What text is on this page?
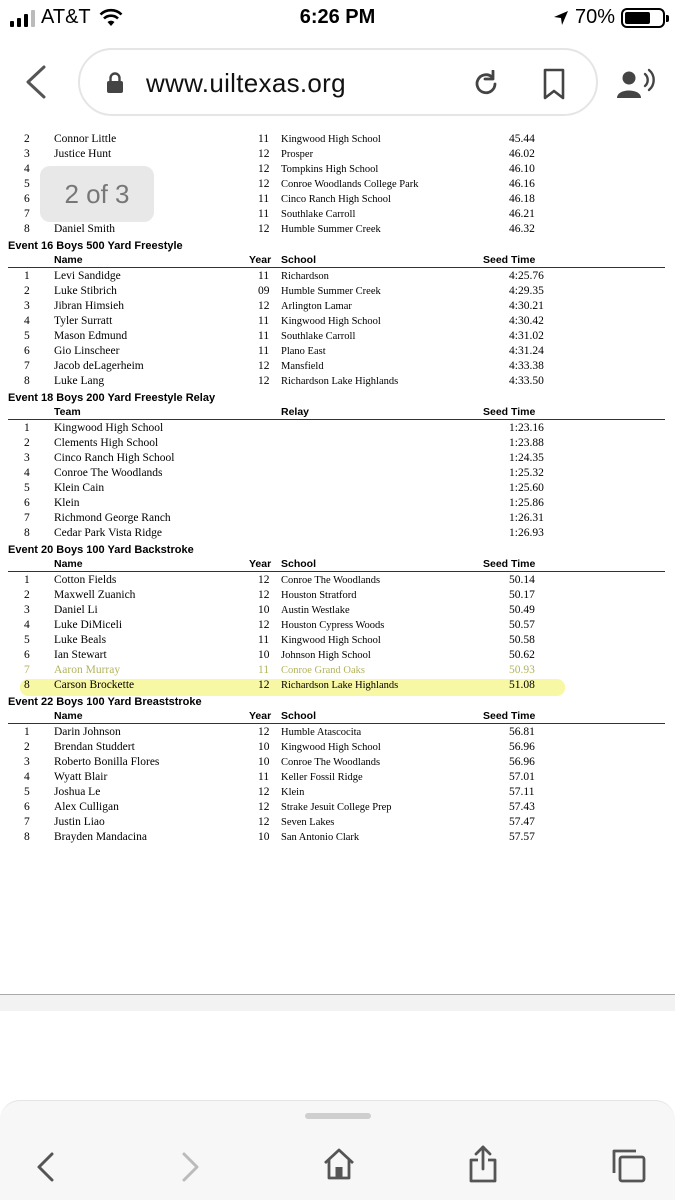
AT&T	6:26 PM	70%
www.uiltexas.org
2 Connor Little	11 Kingwood High School	45.44
3 Justice Hunt	12 Prosper	46.02
4	12 Tompkins High School	46.10
5	12 Conroe Woodlands College Park	46.16
6	11 Cinco Ranch High School	46.18
7	11 Southlake Carroll	46.21
8 Daniel Smith	12 Humble Summer Creek	46.32
Event 16 Boys 500 Yard Freestyle
Name	Year School	Seed Time
1 Levi Sandidge	11 Richardson	4:25.76
2 Luke Stibrich	09 Humble Summer Creek	4:29.35
3 Jibran Himsieh	12 Arlington Lamar	4:30.21
4 Tyler Surratt	11 Kingwood High School	4:30.42
5 Mason Edmund	11 Southlake Carroll	4:31.02
6 Gio Linscheer	11 Plano East	4:31.24
7 Jacob deLagerheim	12 Mansfield	4:33.38
8 Luke Lang	12 Richardson Lake Highlands	4:33.50
Event 18 Boys 200 Yard Freestyle Relay
Team	Relay	Seed Time
1 Kingwood High School	1:23.16
2 Clements High School	1:23.88
3 Cinco Ranch High School	1:24.35
4 Conroe The Woodlands	1:25.32
5 Klein Cain	1:25.60
6 Klein	1:25.86
7 Richmond George Ranch	1:26.31
8 Cedar Park Vista Ridge	1:26.93
Event 20 Boys 100 Yard Backstroke
Name	Year School	Seed Time
1 Cotton Fields	12 Conroe The Woodlands	50.14
2 Maxwell Zuanich	12 Houston Stratford	50.17
3 Daniel Li	10 Austin Westlake	50.49
4 Luke DiMiceli	12 Houston Cypress Woods	50.57
5 Luke Beals	11 Kingwood High School	50.58
6 Ian Stewart	10 Johnson High School	50.62
7 Aaron Murray	11 Conroe Grand Oaks	50.93
8 Carson Brockette	12 Richardson Lake Highlands	51.08
Event 22 Boys 100 Yard Breaststroke
Name	Year School	Seed Time
1 Darin Johnson	12 Humble Atascocita	56.81
2 Brendan Studdert	10 Kingwood High School	56.96
3 Roberto Bonilla Flores	10 Conroe The Woodlands	56.96
4 Wyatt Blair	11 Keller Fossil Ridge	57.01
5 Joshua Le	12 Klein	57.11
6 Alex Culligan	12 Strake Jesuit College Prep	57.43
7 Justin Liao	12 Seven Lakes	57.47
8 Brayden Mandacina	10 San Antonio Clark	57.57
2 of 3
